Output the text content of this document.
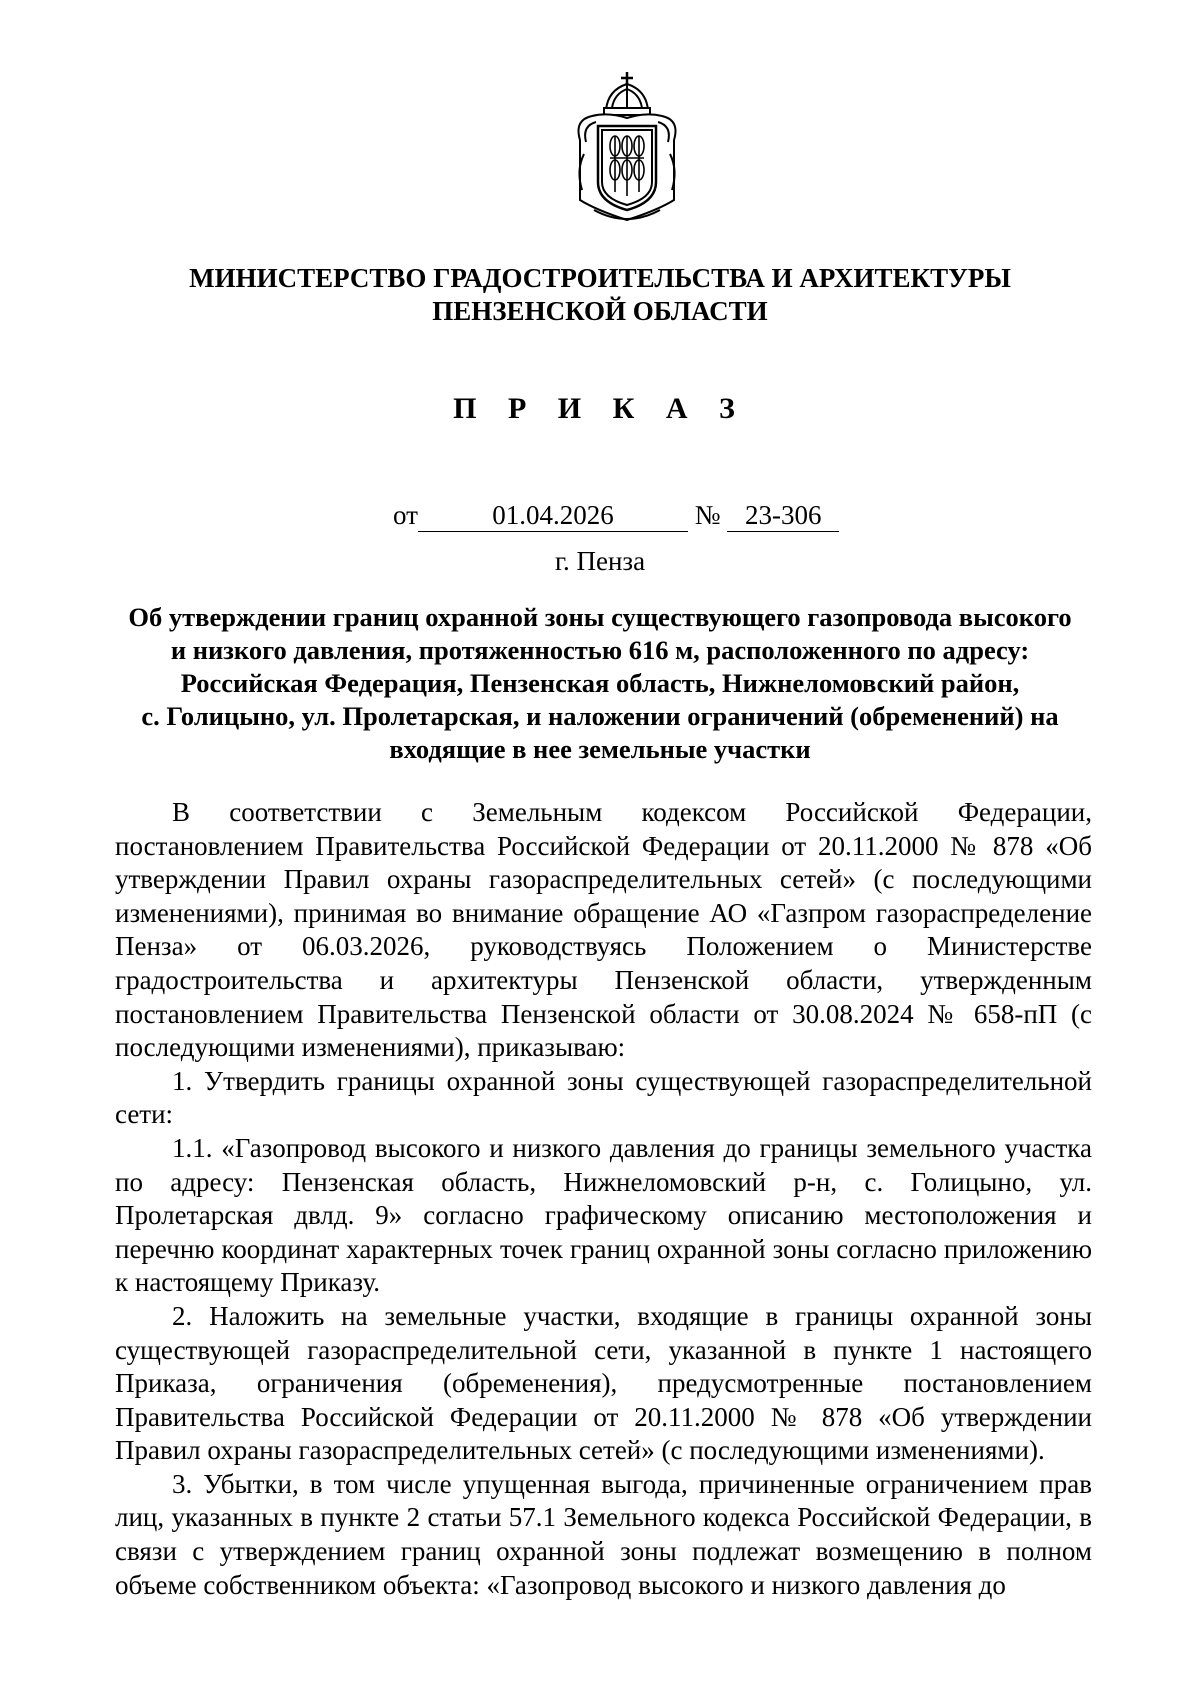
МИНИСТЕРСТВО ГРАДОСТРОИТЕЛЬСТВА И АРХИТЕКТУРЫ
ПЕНЗЕНСКОЙ ОБЛАСТИ
П Р И К А З
от	01.04.2026	№ 23-306
г. Пенза
Об утверждении границ охранной зоны существующего газопровода высокого
и низкого давления, протяженностью 616 м, расположенного по адресу:
Российская Федерация, Пензенская область, Нижнеломовский район,
с. Голицыно, ул. Пролетарская, и наложении ограничений (обременений) на
входящие в нее земельные участки

В соответствии с Земельным кодексом Российской Федерации, постановлением Правительства Российской Федерации от 20.11.2000 № 878 «Об утверждении Правил охраны газораспределительных сетей» (с последующими изменениями), принимая во внимание обращение АО «Газпром газораспределение Пенза» от 06.03.2026, руководствуясь Положением о Министерстве градостроительства и архитектуры Пензенской области, утвержденным постановлением Правительства Пензенской области от 30.08.2024 № 658-пП (с последующими изменениями), приказываю:

1. Утвердить границы охранной зоны существующей газораспределительной сети:

1.1. «Газопровод высокого и низкого давления до границы земельного участка по адресу: Пензенская область, Нижнеломовский р-н, с. Голицыно, ул. Пролетарская двлд. 9» согласно графическому описанию местоположения и перечню координат характерных точек границ охранной зоны согласно приложению к настоящему Приказу.

2. Наложить на земельные участки, входящие в границы охранной зоны существующей газораспределительной сети, указанной в пункте 1 настоящего Приказа, ограничения (обременения), предусмотренные постановлением Правительства Российской Федерации от 20.11.2000 № 878 «Об утверждении Правил охраны газораспределительных сетей» (с последующими изменениями).

3. Убытки, в том числе упущенная выгода, причиненные ограничением прав лиц, указанных в пункте 2 статьи 57.1 Земельного кодекса Российской Федерации, в связи с утверждением границ охранной зоны подлежат возмещению в полном объеме собственником объекта: «Газопровод высокого и низкого давления до
